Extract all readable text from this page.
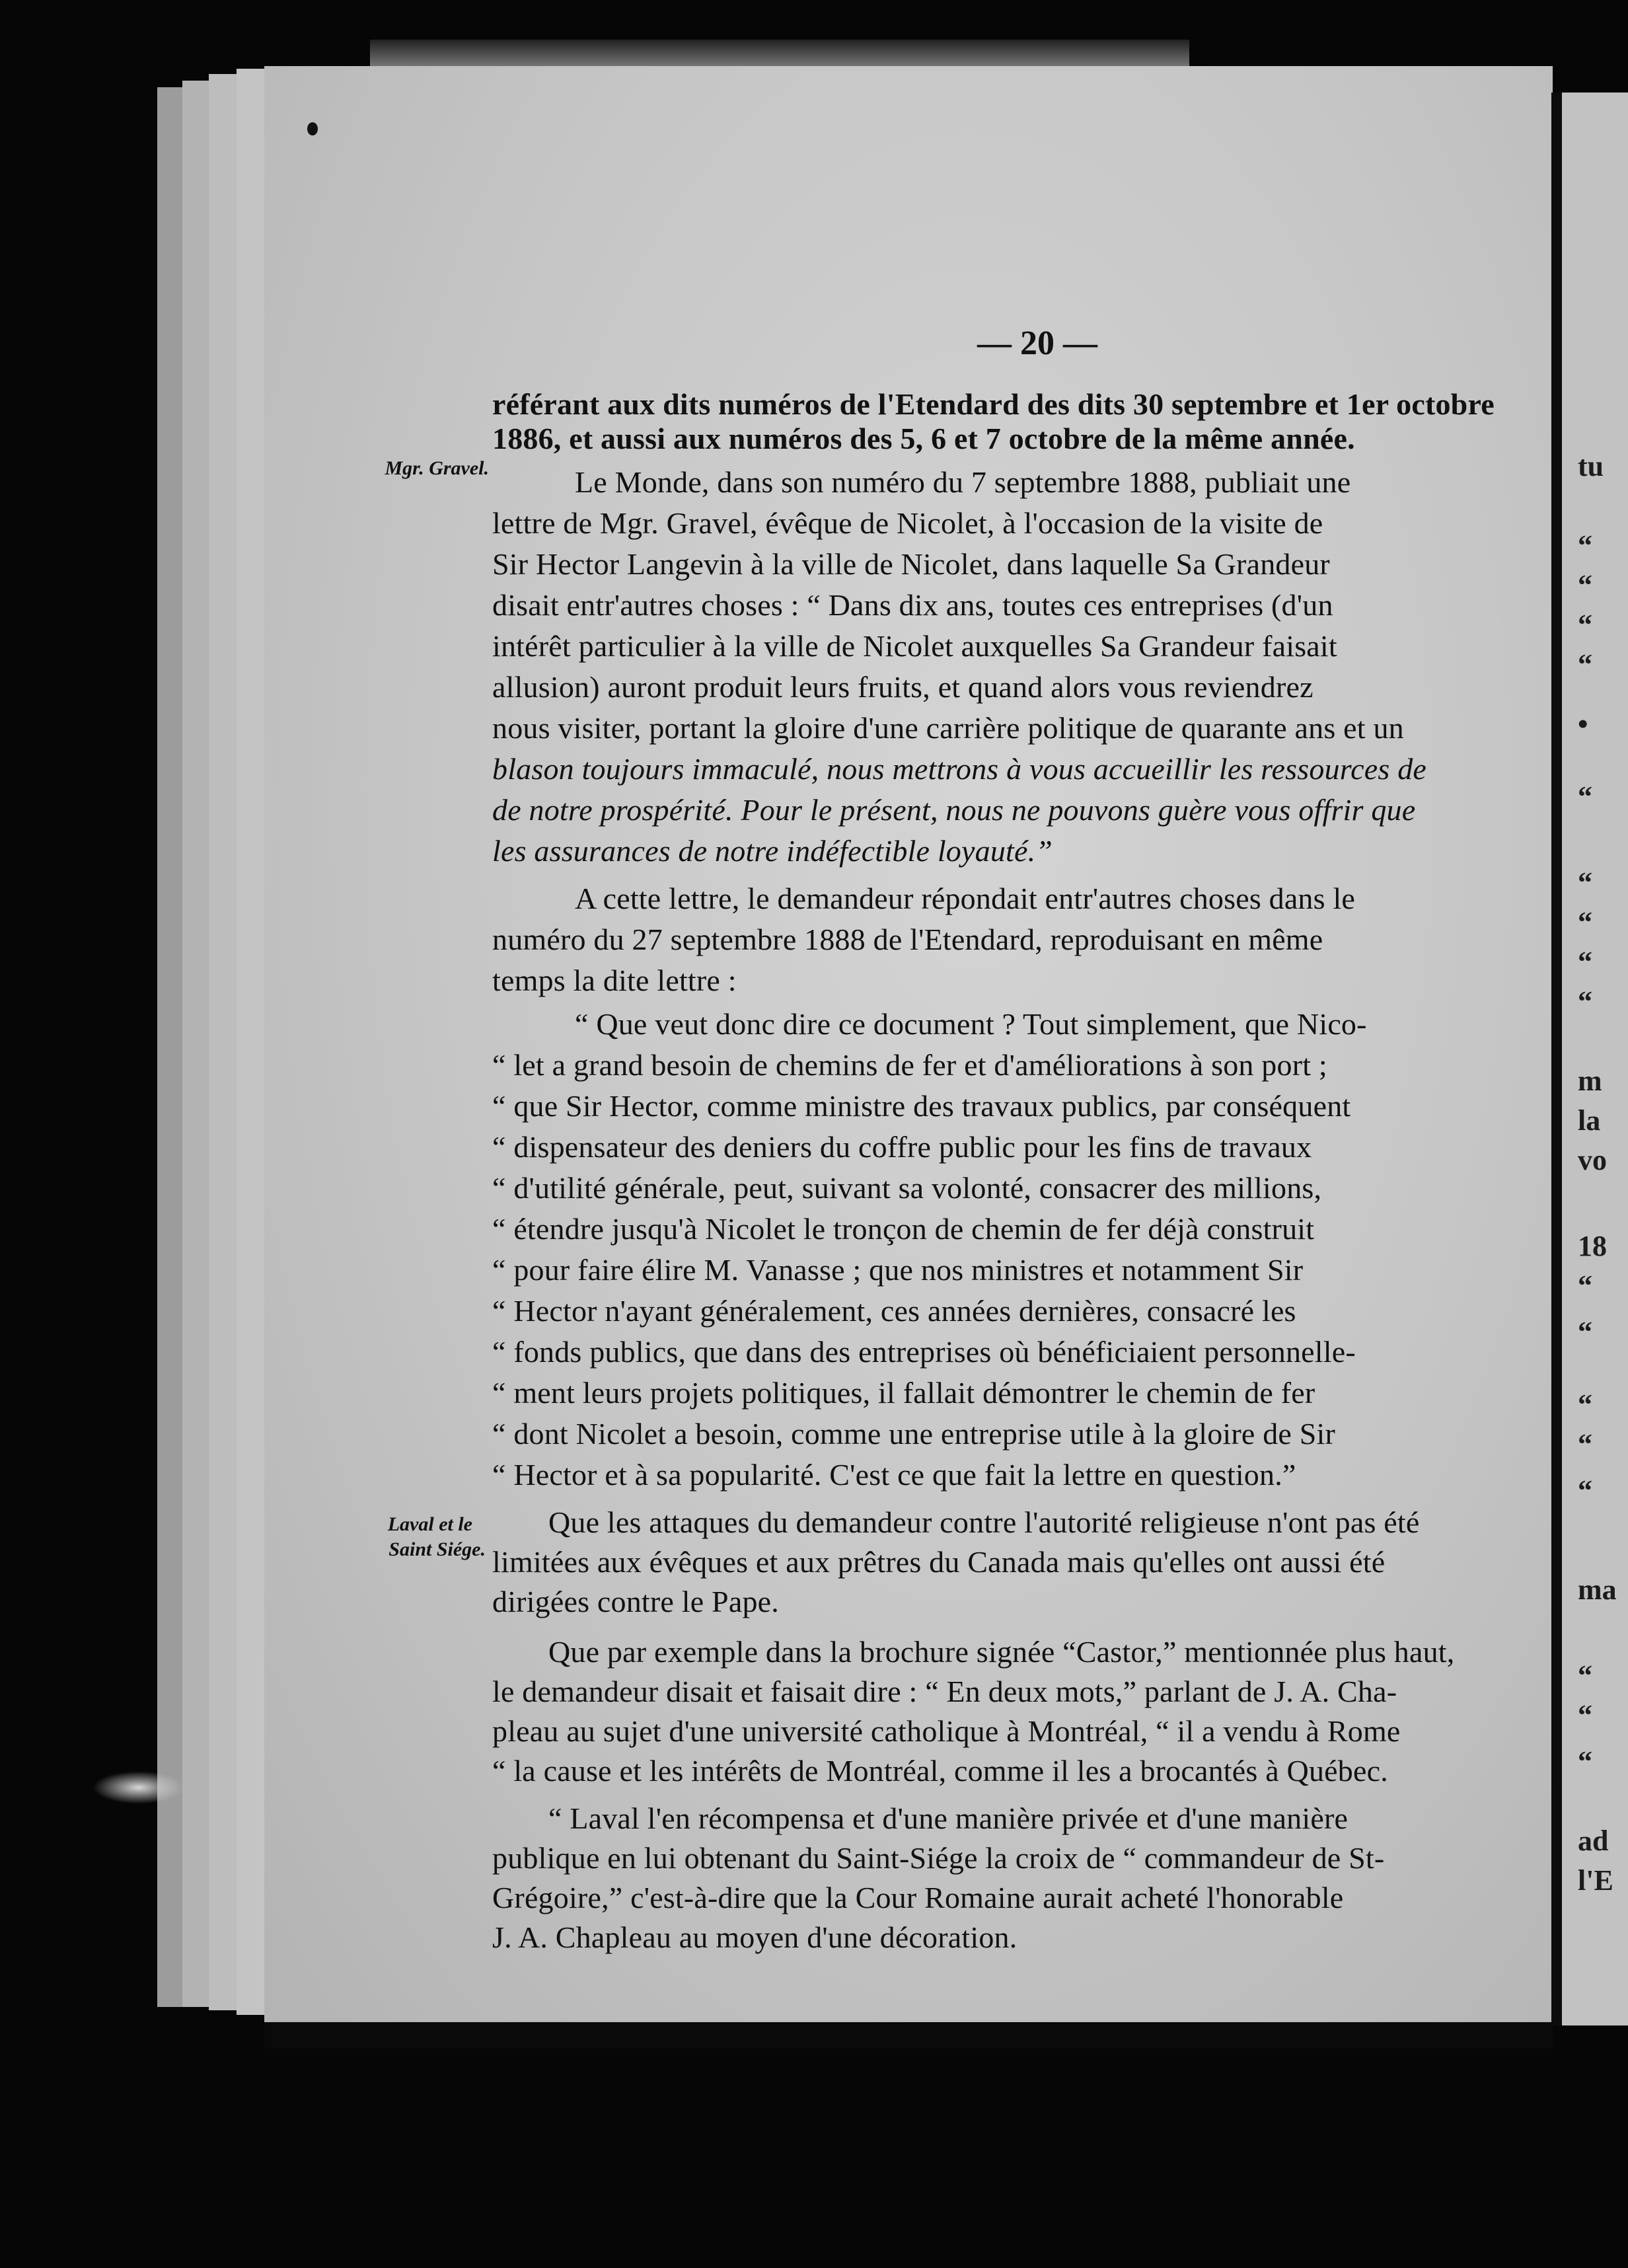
— 20 —
Mgr. Gravel.
Laval et le
Saint Siége.
référant aux dits numéros de l'Etendard des dits 30 septembre et 1er octobre
1886, et aussi aux numéros des 5, 6 et 7 octobre de la même année.
Le Monde, dans son numéro du 7 septembre 1888, publiait une
lettre de Mgr. Gravel, évêque de Nicolet, à l'occasion de la visite de
Sir Hector Langevin à la ville de Nicolet, dans laquelle Sa Grandeur
disait entr'autres choses : “ Dans dix ans, toutes ces entreprises (d'un
intérêt particulier à la ville de Nicolet auxquelles Sa Grandeur faisait
allusion) auront produit leurs fruits, et quand alors vous reviendrez
nous visiter, portant la gloire d'une carrière politique de quarante ans et un
blason toujours immaculé, nous mettrons à vous accueillir les ressources de
de notre prospérité. Pour le présent, nous ne pouvons guère vous offrir que
les assurances de notre indéfectible loyauté.”
A cette lettre, le demandeur répondait entr'autres choses dans le
numéro du 27 septembre 1888 de l'Etendard, reproduisant en même
temps la dite lettre :
“ Que veut donc dire ce document ? Tout simplement, que Nico-
“ let a grand besoin de chemins de fer et d'améliorations à son port ;
“ que Sir Hector, comme ministre des travaux publics, par conséquent
“ dispensateur des deniers du coffre public pour les fins de travaux
“ d'utilité générale, peut, suivant sa volonté, consacrer des millions,
“ étendre jusqu'à Nicolet le tronçon de chemin de fer déjà construit
“ pour faire élire M. Vanasse ; que nos ministres et notamment Sir
“ Hector n'ayant généralement, ces années dernières, consacré les
“ fonds publics, que dans des entreprises où bénéficiaient personnelle-
“ ment leurs projets politiques, il fallait démontrer le chemin de fer
“ dont Nicolet a besoin, comme une entreprise utile à la gloire de Sir
“ Hector et à sa popularité. C'est ce que fait la lettre en question.”
Que les attaques du demandeur contre l'autorité religieuse n'ont pas été
limitées aux évêques et aux prêtres du Canada mais qu'elles ont aussi été
dirigées contre le Pape.
Que par exemple dans la brochure signée “Castor,” mentionnée plus haut,
le demandeur disait et faisait dire : “ En deux mots,” parlant de J. A. Cha-
pleau au sujet d'une université catholique à Montréal, “ il a vendu à Rome
“ la cause et les intérêts de Montréal, comme il les a brocantés à Québec.
“ Laval l'en récompensa et d'une manière privée et d'une manière
publique en lui obtenant du Saint-Siége la croix de “ commandeur de St-
Grégoire,” c'est-à-dire que la Cour Romaine aurait acheté l'honorable
J. A. Chapleau au moyen d'une décoration.
tu
“
“
“
“
•
“
“
“
“
“
m
la
vo
18
“
“
“
“
“
ma
“
“
“
ad
l'E
